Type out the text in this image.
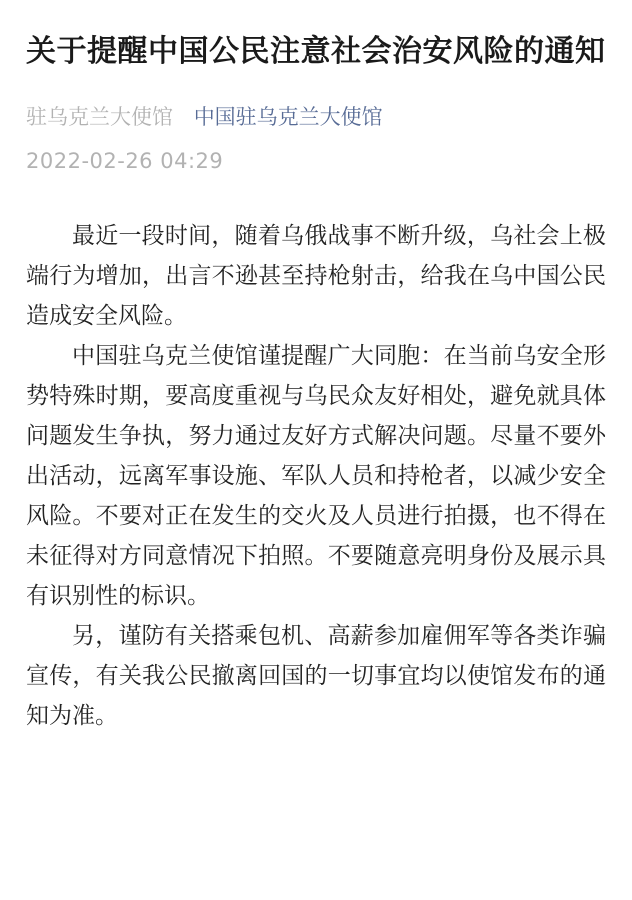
关于提醒中国公民注意社会治安风险的通知
驻乌克兰大使馆 中国驻乌克兰大使馆
2022-02-26 04:29

最近一段时间，随着乌俄战事不断升级，乌社会上极端行为增加，出言不逊甚至持枪射击，给我在乌中国公民造成安全风险。

中国驻乌克兰使馆谨提醒广大同胞：在当前乌安全形势特殊时期，要高度重视与乌民众友好相处，避免就具体问题发生争执，努力通过友好方式解决问题。尽量不要外出活动，远离军事设施、军队人员和持枪者，以减少安全风险。不要对正在发生的交火及人员进行拍摄，也不得在未征得对方同意情况下拍照。不要随意亮明身份及展示具有识别性的标识。

另，谨防有关搭乘包机、高薪参加雇佣军等各类诈骗宣传，有关我公民撤离回国的一切事宜均以使馆发布的通知为准。
